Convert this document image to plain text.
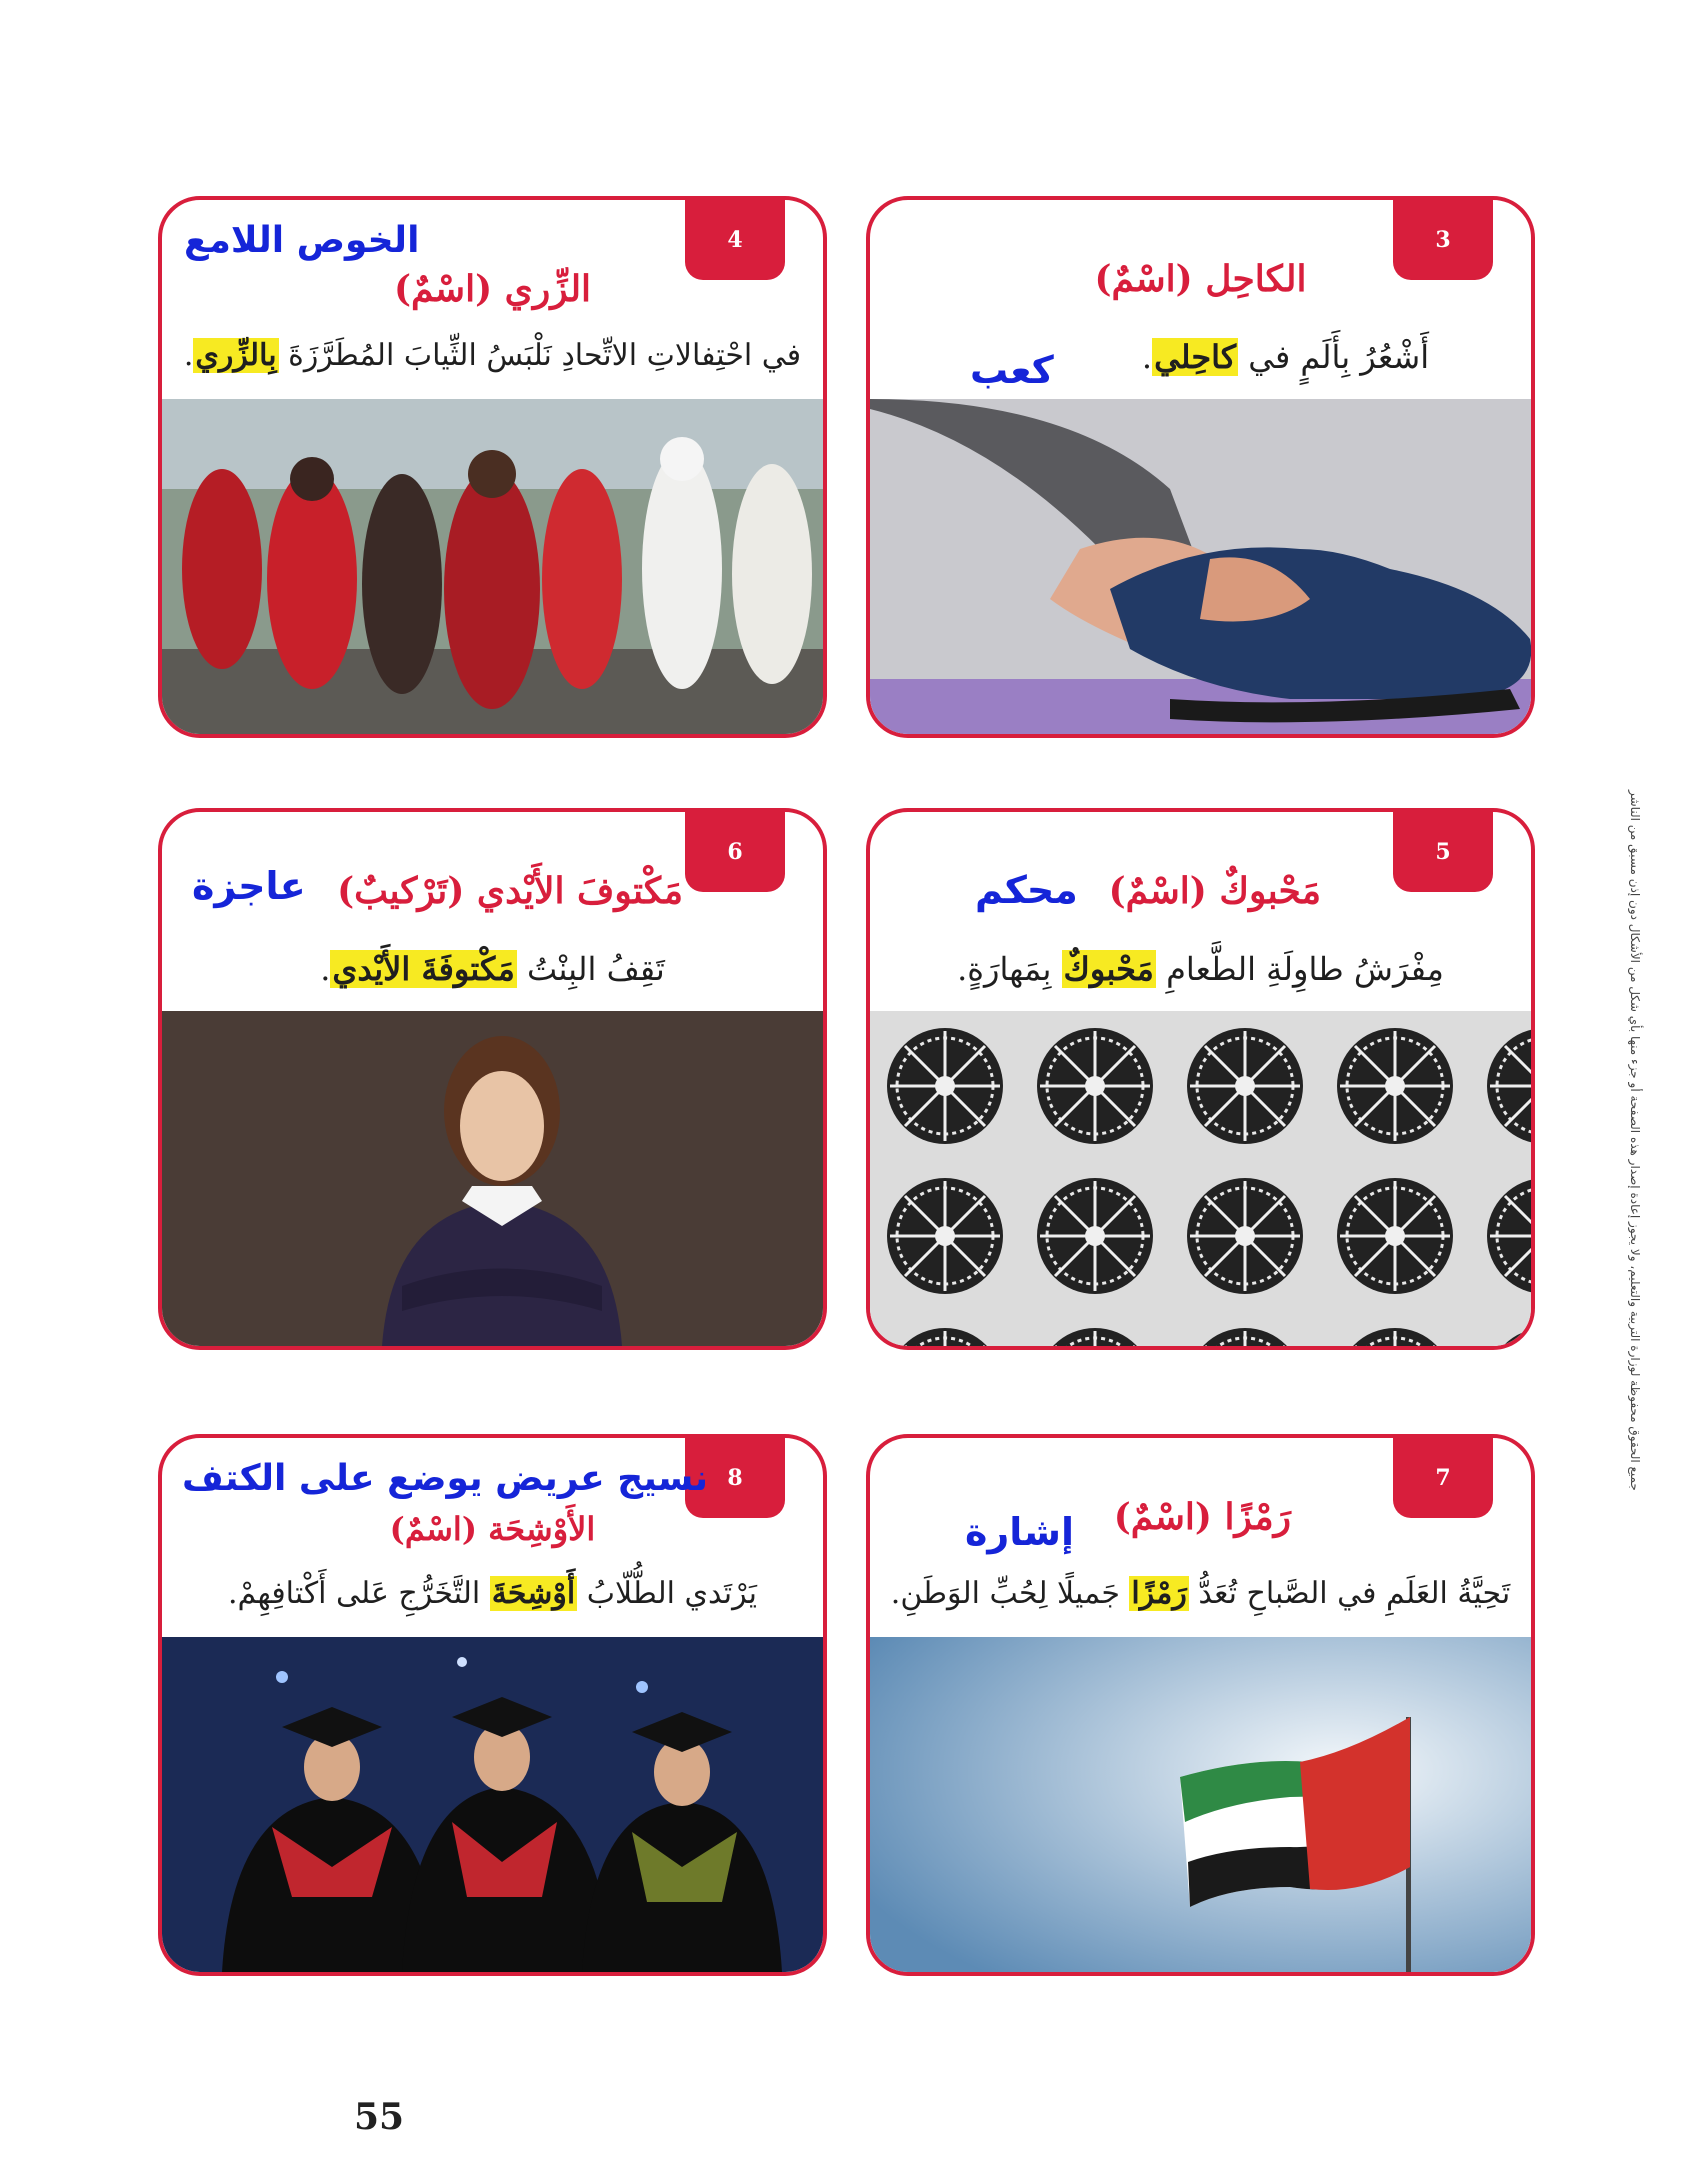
جميع الحقوق محفوظة لوزارة التربية والتعليم، ولا يجوز إعادة إصدار هذه الصفحة أو جزء منها بأي شكل من الأشكال دون إذن مسبق من الناشر
3
الكاحِل (اسْمٌ)
كعب	أَشْعُرُ بِأَلَمٍ في كاحِلي.
4
الخوص اللامع
الزِّري (اسْمٌ)
في احْتِفالاتِ الاتِّحادِ نَلْبَسُ الثِّيابَ المُطَرَّزَةَ بِالزِّري.
5
مَحْبوكٌ (اسْمٌ)
محكم
مِفْرَشُ طاوِلَةِ الطَّعامِ مَحْبوكٌ بِمَهارَةٍ.
6
مَكْتوفَ الأَيْدي (تَرْكيبٌ)
عاجزة
تَقِفُ البِنْتُ مَكْتوفَةَ الأَيْدي.
7
رَمْزًا (اسْمٌ)
إشارة
تَحِيَّةُ العَلَمِ في الصَّباحِ تُعَدُّ رَمْزًا جَميلًا لِحُبِّ الوَطَنِ.
8
نسيج عريض يوضع على الكتف
الأَوْشِحَة (اسْمٌ)
يَرْتَدي الطُّلّابُ أَوْشِحَةَ التَّخَرُّجِ عَلى أَكْتافِهِمْ.
55
